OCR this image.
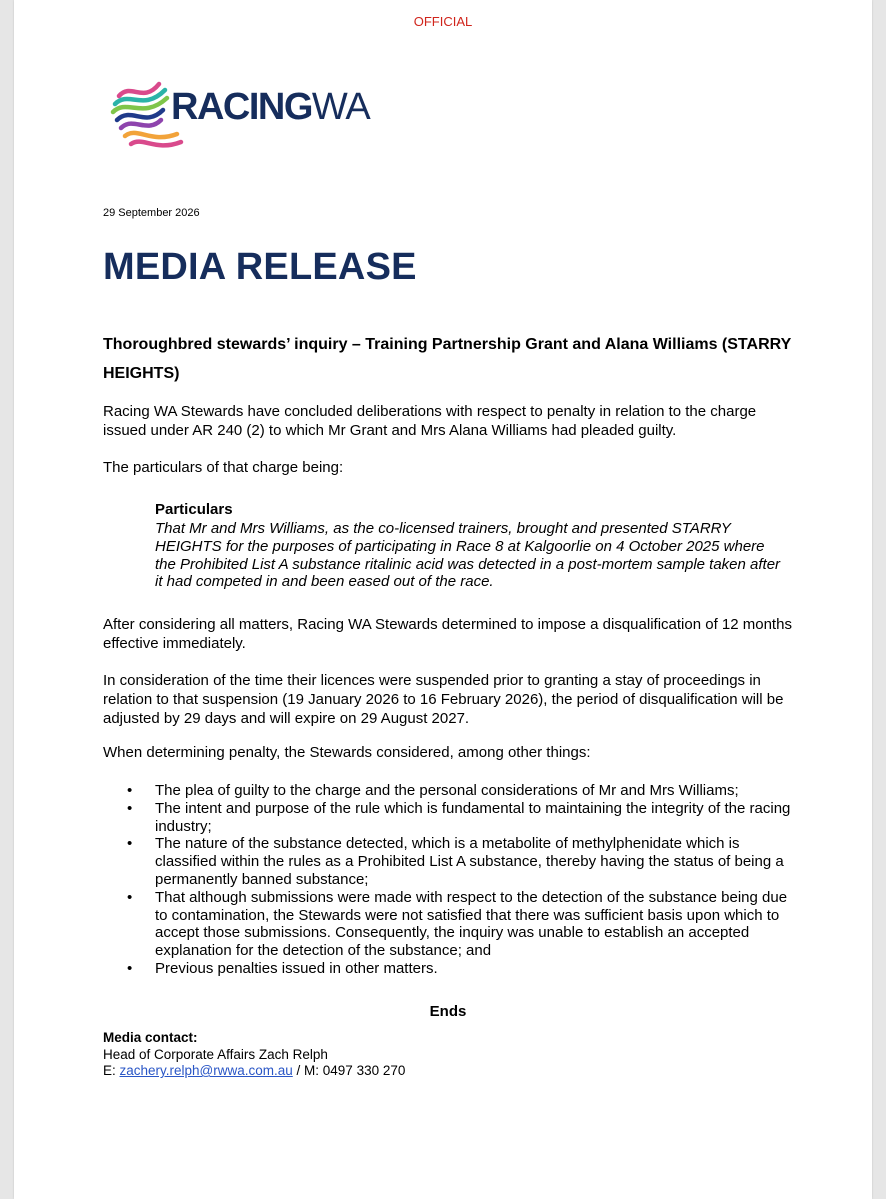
OFFICIAL
RACINGWA
29 September 2026
MEDIA RELEASE

Thoroughbred stewards’ inquiry – Training Partnership Grant and Alana Williams (STARRY HEIGHTS)

Racing WA Stewards have concluded deliberations with respect to penalty in relation to the charge issued under AR 240 (2) to which Mr Grant and Mrs Alana Williams had pleaded guilty.

The particulars of that charge being:

Particulars

That Mr and Mrs Williams, as the co-licensed trainers, brought and presented STARRY HEIGHTS for the purposes of participating in Race 8 at Kalgoorlie on 4 October 2025 where the Prohibited List A substance ritalinic acid was detected in a post-mortem sample taken after it had competed in and been eased out of the race.

After considering all matters, Racing WA Stewards determined to impose a disqualification of 12 months effective immediately.

In consideration of the time their licences were suspended prior to granting a stay of proceedings in relation to that suspension (19 January 2026 to 16 February 2026), the period of disqualification will be adjusted by 29 days and will expire on 29 August 2027.

When determining penalty, the Stewards considered, among other things:

• The plea of guilty to the charge and the personal considerations of Mr and Mrs Williams;
• The intent and purpose of the rule which is fundamental to maintaining the integrity of the racing industry;
• The nature of the substance detected, which is a metabolite of methylphenidate which is classified within the rules as a Prohibited List A substance, thereby having the status of being a permanently banned substance;
• That although submissions were made with respect to the detection of the substance being due to contamination, the Stewards were not satisfied that there was sufficient basis upon which to accept those submissions. Consequently, the inquiry was unable to establish an accepted explanation for the detection of the substance; and
• Previous penalties issued in other matters.
Ends
Media contact:
Head of Corporate Affairs Zach Relph
E: zachery.relph@rwwa.com.au / M: 0497 330 270
